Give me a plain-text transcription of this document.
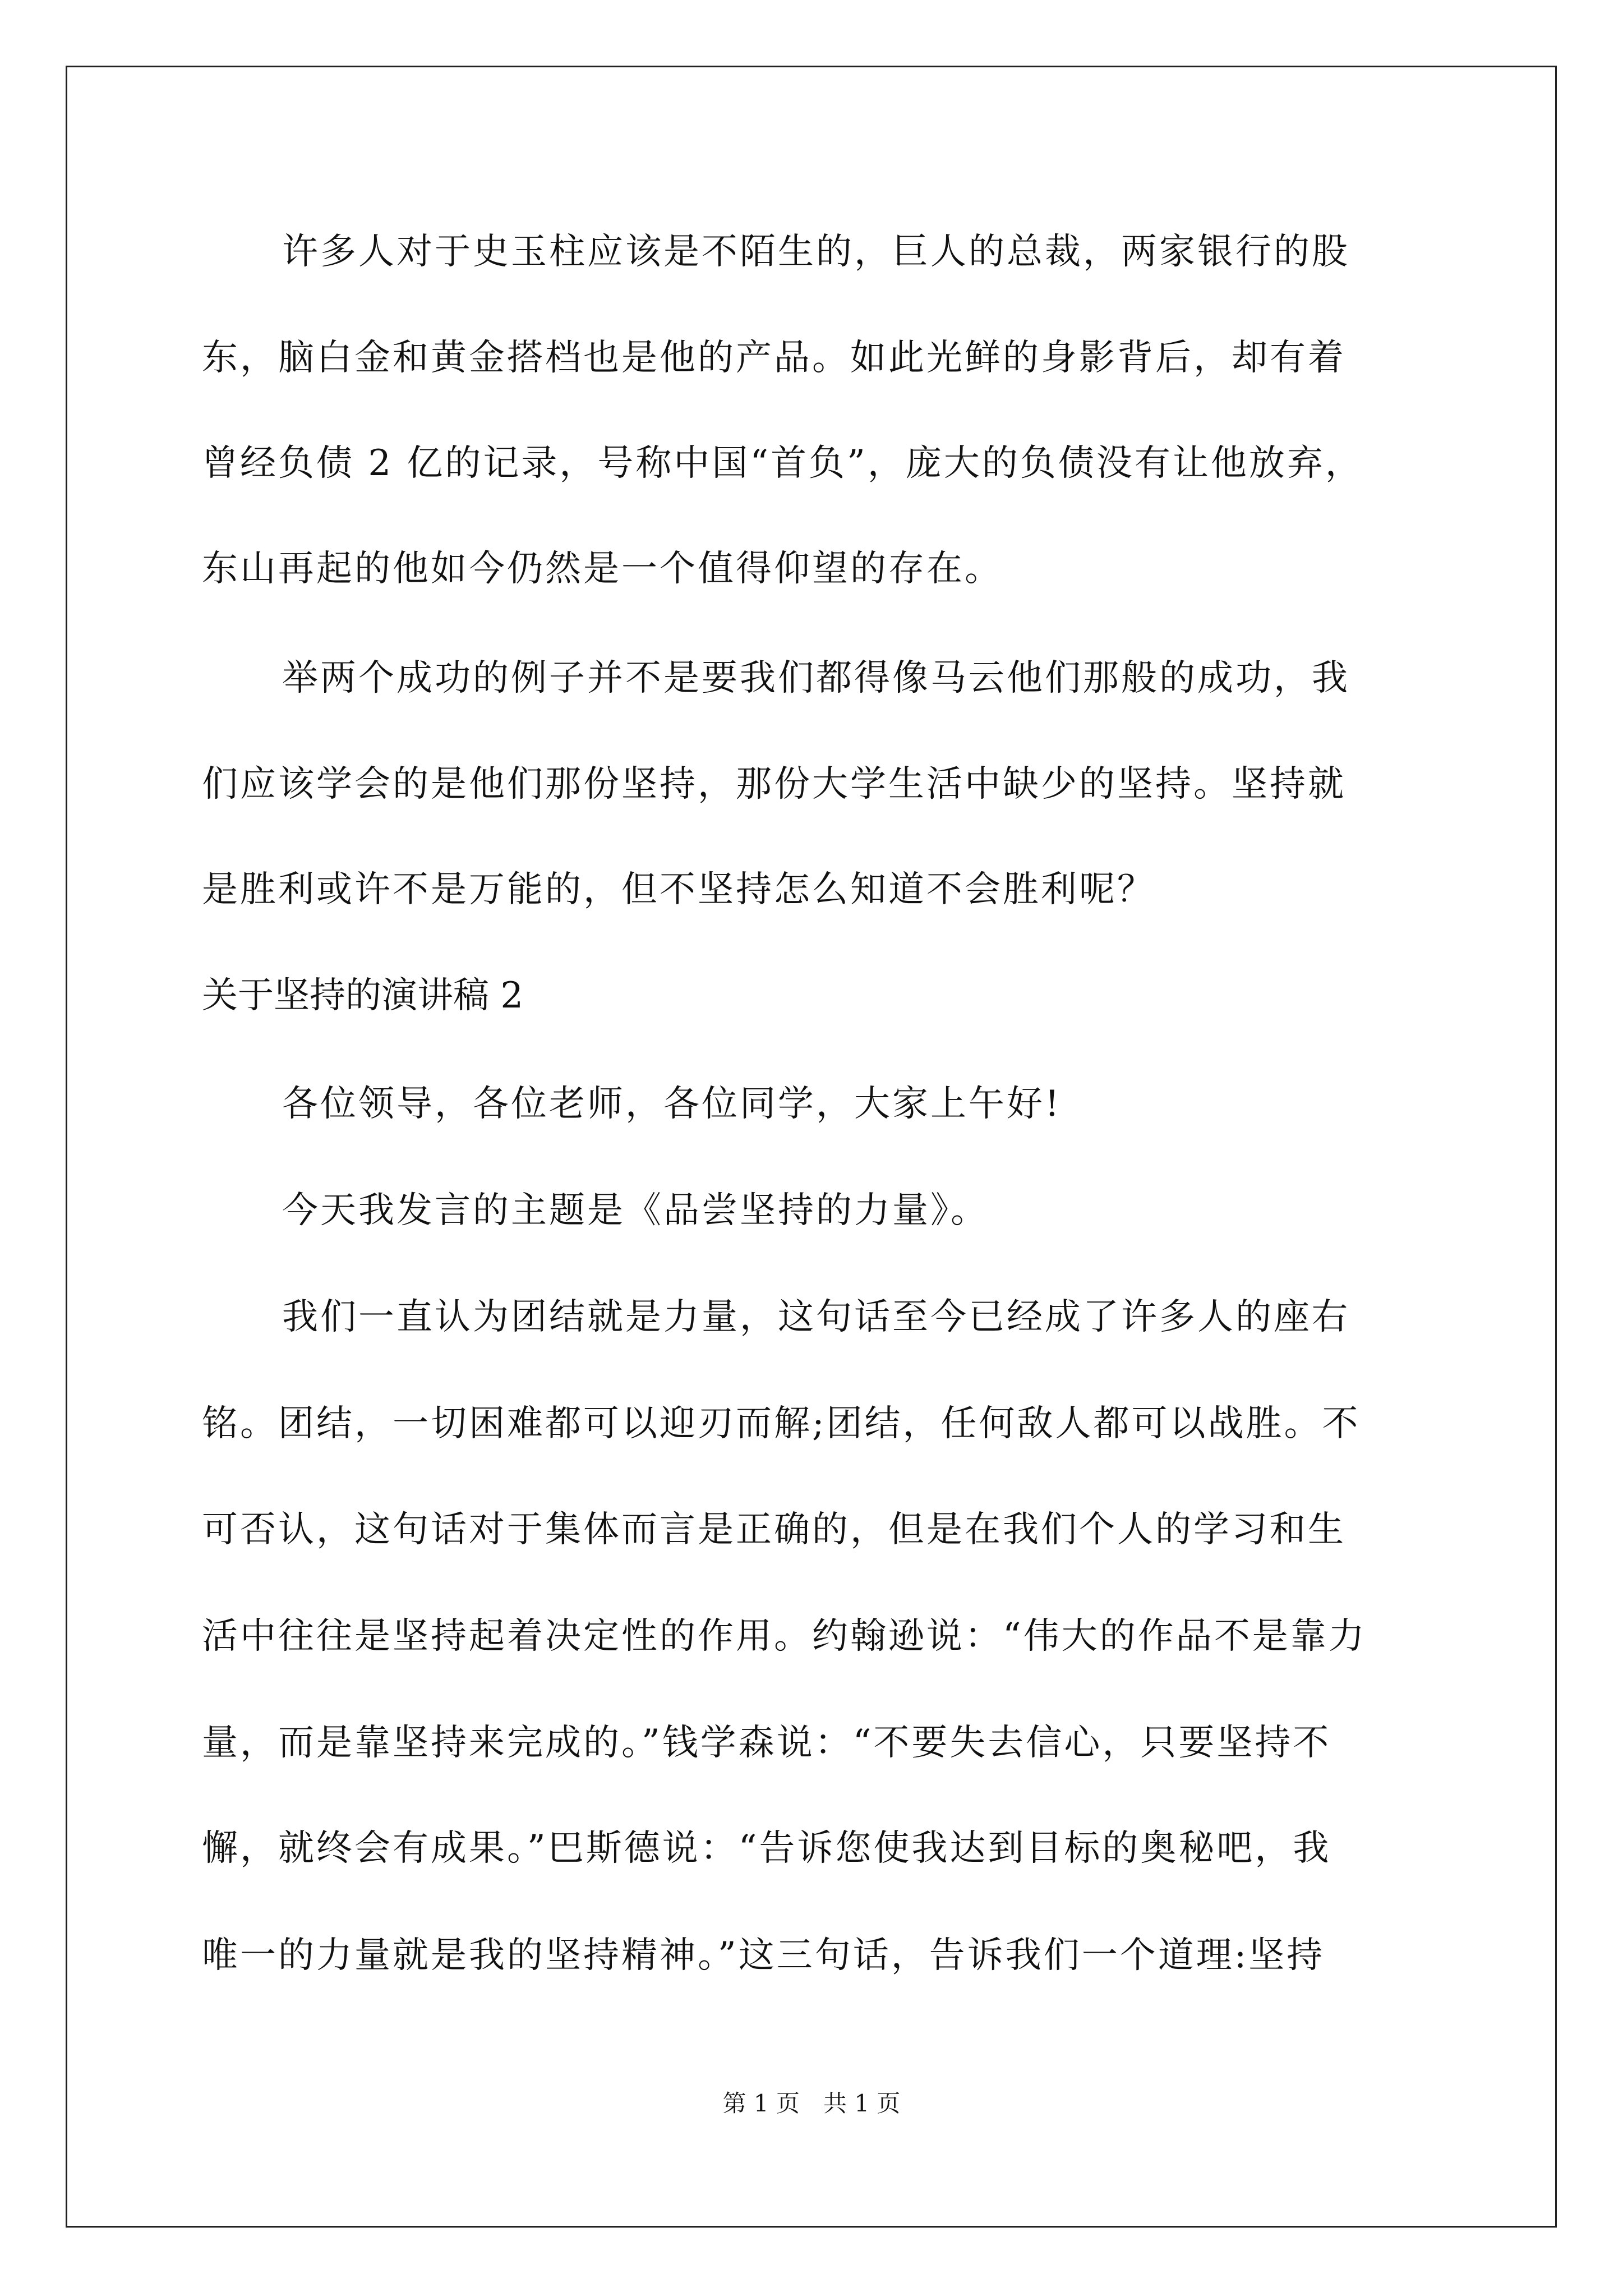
许多人对于史玉柱应该是不陌生的，巨人的总裁，两家银行的股
东，脑白金和黄金搭档也是他的产品。如此光鲜的身影背后，却有着
曾经负债 2 亿的记录，号称中国“首负”，庞大的负债没有让他放弃，
东山再起的他如今仍然是一个值得仰望的存在。
举两个成功的例子并不是要我们都得像马云他们那般的成功，我
们应该学会的是他们那份坚持，那份大学生活中缺少的坚持。坚持就
是胜利或许不是万能的，但不坚持怎么知道不会胜利呢？
关于坚持的演讲稿 2
各位领导，各位老师，各位同学，大家上午好!
今天我发言的主题是《品尝坚持的力量》。
我们一直认为团结就是力量，这句话至今已经成了许多人的座右
铭。团结，一切困难都可以迎刃而解;团结，任何敌人都可以战胜。不
可否认，这句话对于集体而言是正确的，但是在我们个人的学习和生
活中往往是坚持起着决定性的作用。约翰逊说：“伟大的作品不是靠力
量，而是靠坚持来完成的。”钱学森说：“不要失去信心，只要坚持不
懈，就终会有成果。”巴斯德说：“告诉您使我达到目标的奥秘吧，我
唯一的力量就是我的坚持精神。”这三句话，告诉我们一个道理:坚持
第 1 页　共 1 页
